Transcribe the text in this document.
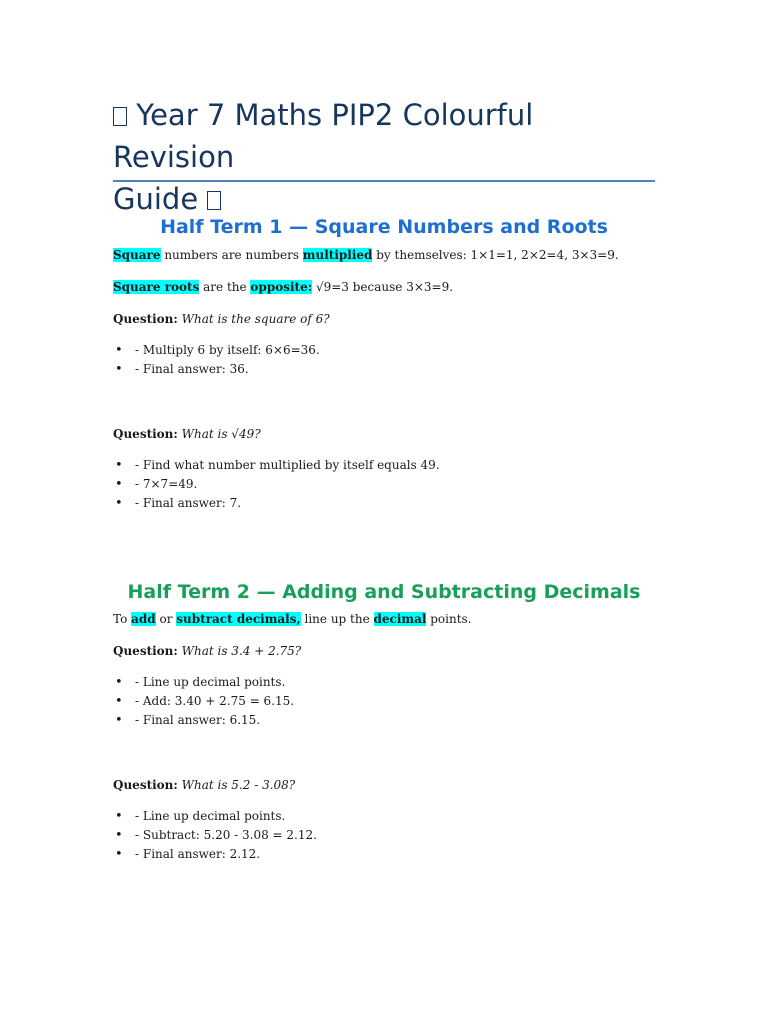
Year 7 Maths PIP2 Colourful Revision
Guide
Half Term 1 — Square Numbers and Roots

Square numbers are numbers multiplied by themselves: 1×1=1, 2×2=4, 3×3=9.

Square roots are the opposite: √9=3 because 3×3=9.

Question: What is the square of 6?

• - Multiply 6 by itself: 6×6=36.
• - Final answer: 36.

Question: What is √49?

• - Find what number multiplied by itself equals 49.
• - 7×7=49.
• - Final answer: 7.
Half Term 2 — Adding and Subtracting Decimals

To add or subtract decimals, line up the decimal points.

Question: What is 3.4 + 2.75?

• - Line up decimal points.
• - Add: 3.40 + 2.75 = 6.15.
• - Final answer: 6.15.

Question: What is 5.2 - 3.08?

• - Line up decimal points.
• - Subtract: 5.20 - 3.08 = 2.12.
• - Final answer: 2.12.
